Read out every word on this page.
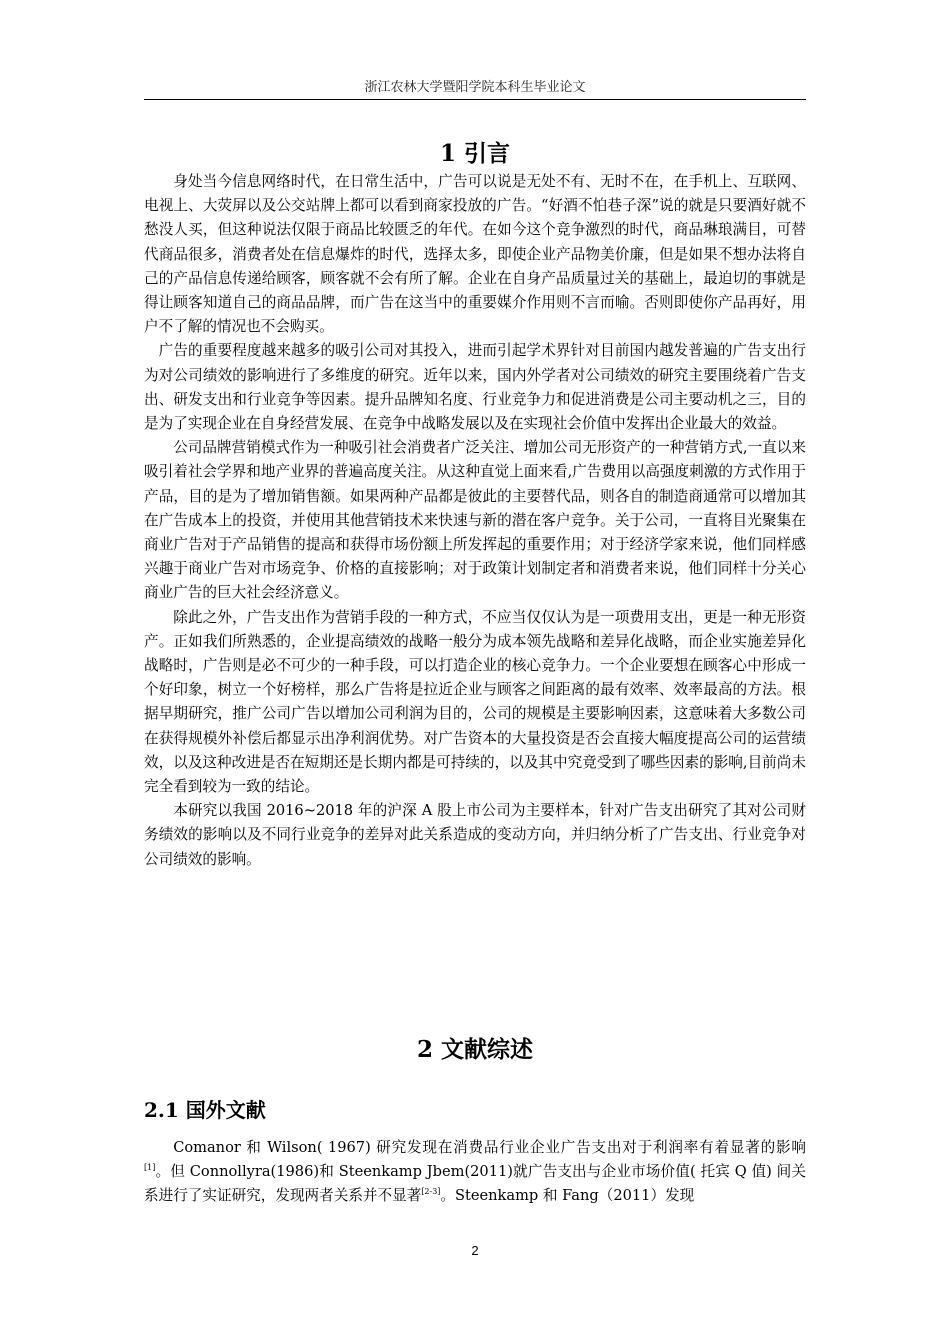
浙江农林大学暨阳学院本科生毕业论文
1 引言

身处当今信息网络时代，在日常生活中，广告可以说是无处不有、无时不在，在手机上、互联网、电视上、大荧屏以及公交站牌上都可以看到商家投放的广告。“好酒不怕巷子深”说的就是只要酒好就不愁没人买，但这种说法仅限于商品比较匮乏的年代。在如今这个竞争激烈的时代，商品琳琅满目，可替代商品很多，消费者处在信息爆炸的时代，选择太多，即使企业产品物美价廉，但是如果不想办法将自己的产品信息传递给顾客，顾客就不会有所了解。企业在自身产品质量过关的基础上，最迫切的事就是得让顾客知道自己的商品品牌，而广告在这当中的重要媒介作用则不言而喻。否则即使你产品再好，用户不了解的情况也不会购买。

广告的重要程度越来越多的吸引公司对其投入，进而引起学术界针对目前国内越发普遍的广告支出行为对公司绩效的影响进行了多维度的研究。近年以来，国内外学者对公司绩效的研究主要围绕着广告支出、研发支出和行业竞争等因素。提升品牌知名度、行业竞争力和促进消费是公司主要动机之三，目的是为了实现企业在自身经营发展、在竞争中战略发展以及在实现社会价值中发挥出企业最大的效益。

公司品牌营销模式作为一种吸引社会消费者广泛关注、增加公司无形资产的一种营销方式,一直以来吸引着社会学界和地产业界的普遍高度关注。从这种直觉上面来看,广告费用以高强度刺激的方式作用于产品，目的是为了增加销售额。如果两种产品都是彼此的主要替代品，则各自的制造商通常可以增加其在广告成本上的投资，并使用其他营销技术来快速与新的潜在客户竞争。关于公司，一直将目光聚集在商业广告对于产品销售的提高和获得市场份额上所发挥起的重要作用；对于经济学家来说，他们同样感兴趣于商业广告对市场竞争、价格的直接影响；对于政策计划制定者和消费者来说，他们同样十分关心商业广告的巨大社会经济意义。

除此之外，广告支出作为营销手段的一种方式，不应当仅仅认为是一项费用支出，更是一种无形资产。正如我们所熟悉的，企业提高绩效的战略一般分为成本领先战略和差异化战略，而企业实施差异化战略时，广告则是必不可少的一种手段，可以打造企业的核心竞争力。一个企业要想在顾客心中形成一个好印象，树立一个好榜样，那么广告将是拉近企业与顾客之间距离的最有效率、效率最高的方法。根据早期研究，推广公司广告以增加公司利润为目的，公司的规模是主要影响因素，这意味着大多数公司在获得规模外补偿后都显示出净利润优势。对广告资本的大量投资是否会直接大幅度提高公司的运营绩效，以及这种改进是否在短期还是长期内都是可持续的，以及其中究竟受到了哪些因素的影响,目前尚未完全看到较为一致的结论。

本研究以我国 2016~2018 年的沪深 A 股上市公司为主要样本，针对广告支出研究了其对公司财务绩效的影响以及不同行业竞争的差异对此关系造成的变动方向，并归纳分析了广告支出、行业竞争对公司绩效的影响。

2 文献综述
2.1 国外文献

Comanor 和 Wilson( 1967) 研究发现在消费品行业企业广告支出对于利润率有着显著的影响[1]。但 Connollyra(1986)和 Steenkamp Jbem(2011)就广告支出与企业市场价值( 托宾 Q 值) 间关系进行了实证研究，发现两者关系并不显著[2-3]。Steenkamp 和 Fang（2011）发现

2
